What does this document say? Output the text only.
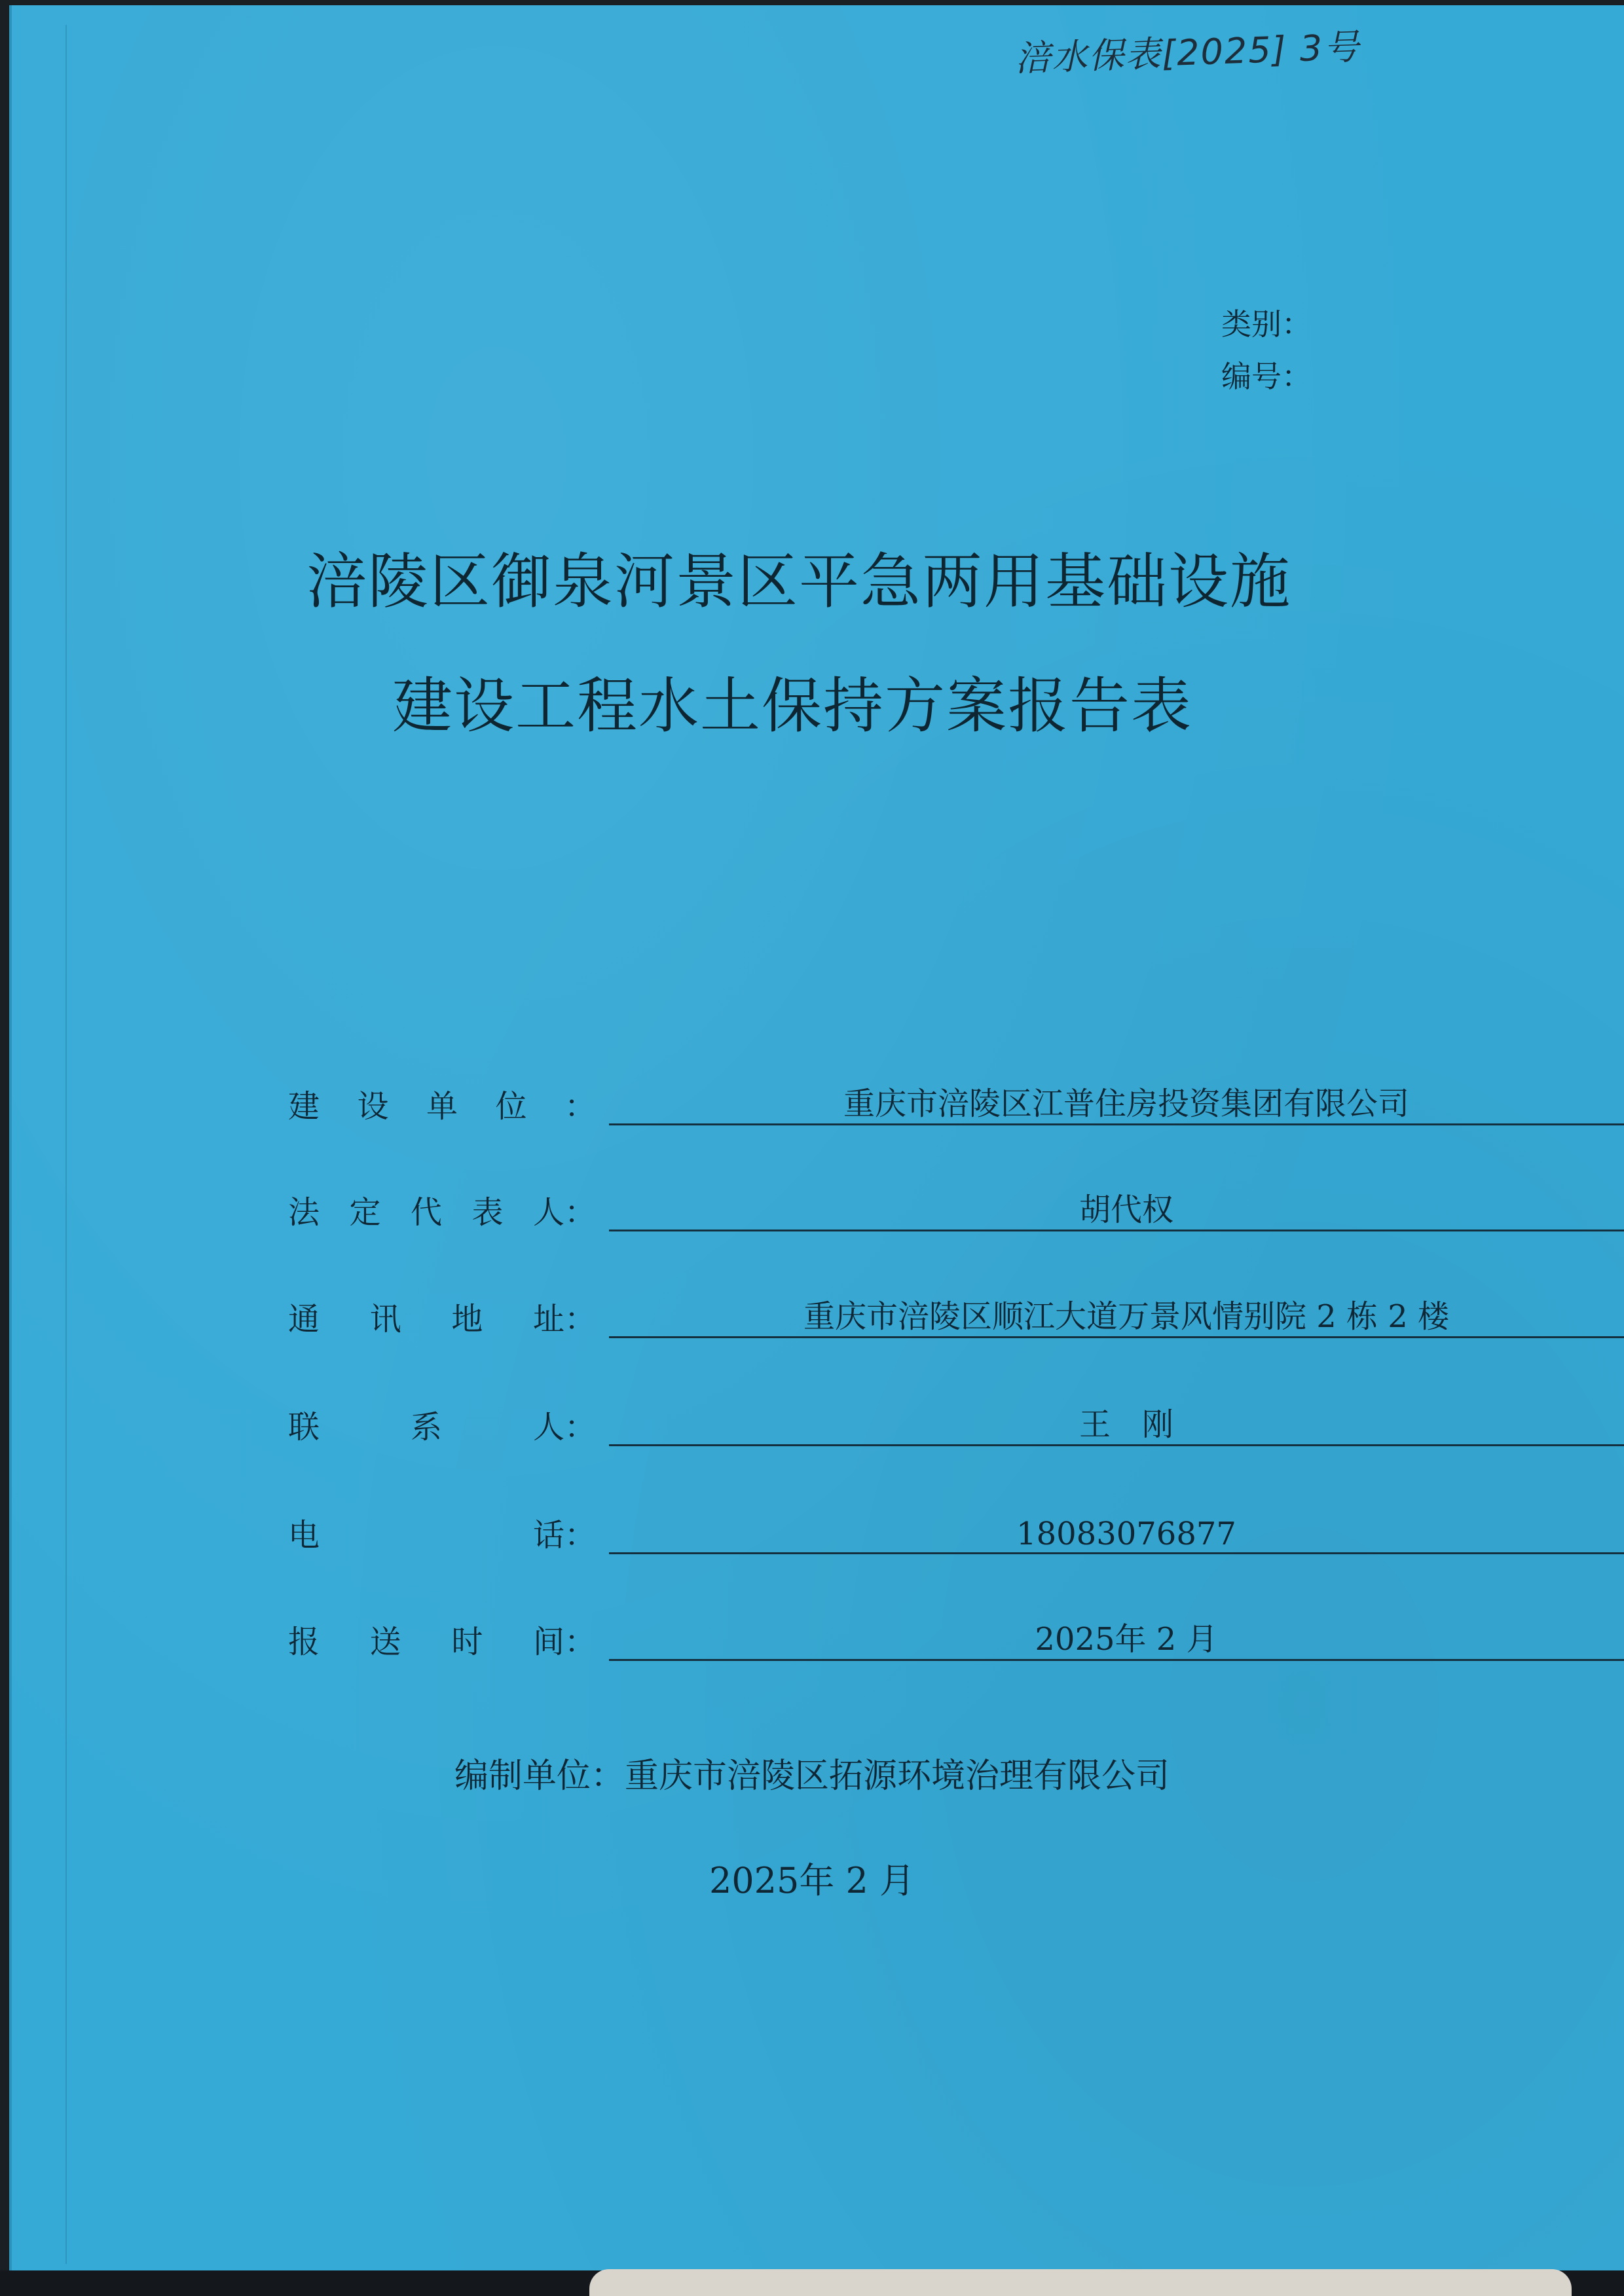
涪水保表[2025] 3号
类别：
编号：
涪陵区御泉河景区平急两用基础设施
建设工程水土保持方案报告表
建 设 单 位 ：	重庆市涪陵区江普住房投资集团有限公司
法 定 代 表 人：	胡代权
通 讯 地 址：	重庆市涪陵区顺江大道万景风情别院 2 栋 2 楼
联	系	人：	王　刚
电	话：	18083076877
报 送 时 间：	2025年 2 月
编制单位：重庆市涪陵区拓源环境治理有限公司
2025年 2 月
